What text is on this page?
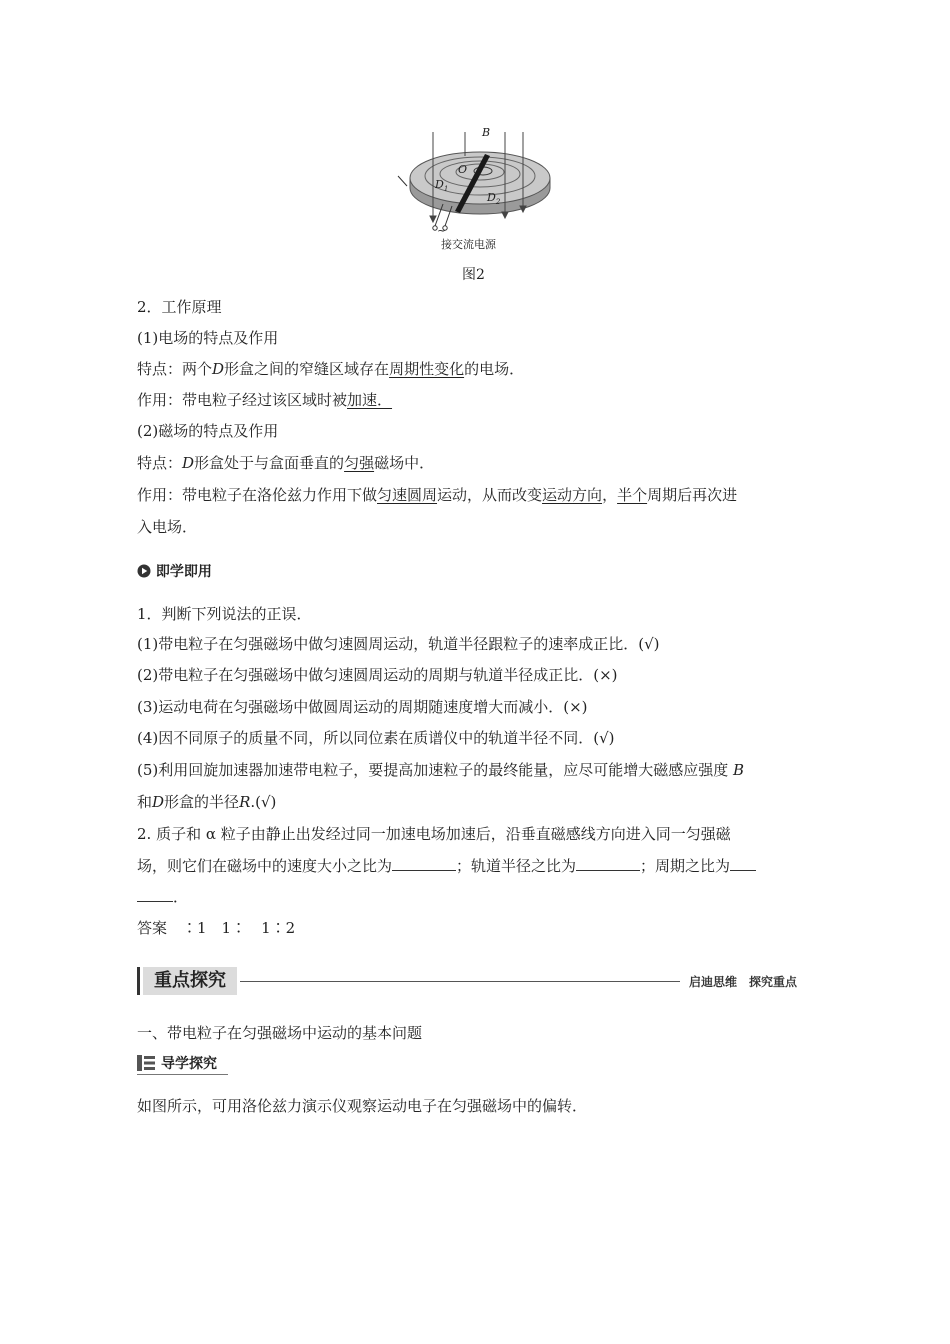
B
O
$D_1$
$D_2$
~
接交流电源
图2
2．工作原理
(1)电场的特点及作用
特点：两个D形盒之间的窄缝区域存在周期性变化的电场．
作用：带电粒子经过该区域时被加速．
(2)磁场的特点及作用
特点：D形盒处于与盒面垂直的匀强磁场中．
作用：带电粒子在洛伦兹力作用下做匀速圆周运动，从而改变运动方向，半个周期后再次进
入电场．
即学即用
1．判断下列说法的正误．
(1)带电粒子在匀强磁场中做匀速圆周运动，轨道半径跟粒子的速率成正比．(√)
(2)带电粒子在匀强磁场中做匀速圆周运动的周期与轨道半径成正比．(×)
(3)运动电荷在匀强磁场中做圆周运动的周期随速度增大而减小．(×)
(4)因不同原子的质量不同，所以同位素在质谱仪中的轨道半径不同．(√)
(5)利用回旋加速器加速带电粒子，要提高加速粒子的最终能量，应尽可能增大磁感应强度 B
和D形盒的半径R.(√)
2. 质子和 α 粒子由静止出发经过同一加速电场加速后，沿垂直磁感线方向进入同一匀强磁
场，则它们在磁场中的速度大小之比为	；轨道半径之比为	；周期之比为
．
答案　∶1　1∶　1∶2
重点探究	启迪思维　探究重点
一、带电粒子在匀强磁场中运动的基本问题
导学探究
如图所示，可用洛伦兹力演示仪观察运动电子在匀强磁场中的偏转．
